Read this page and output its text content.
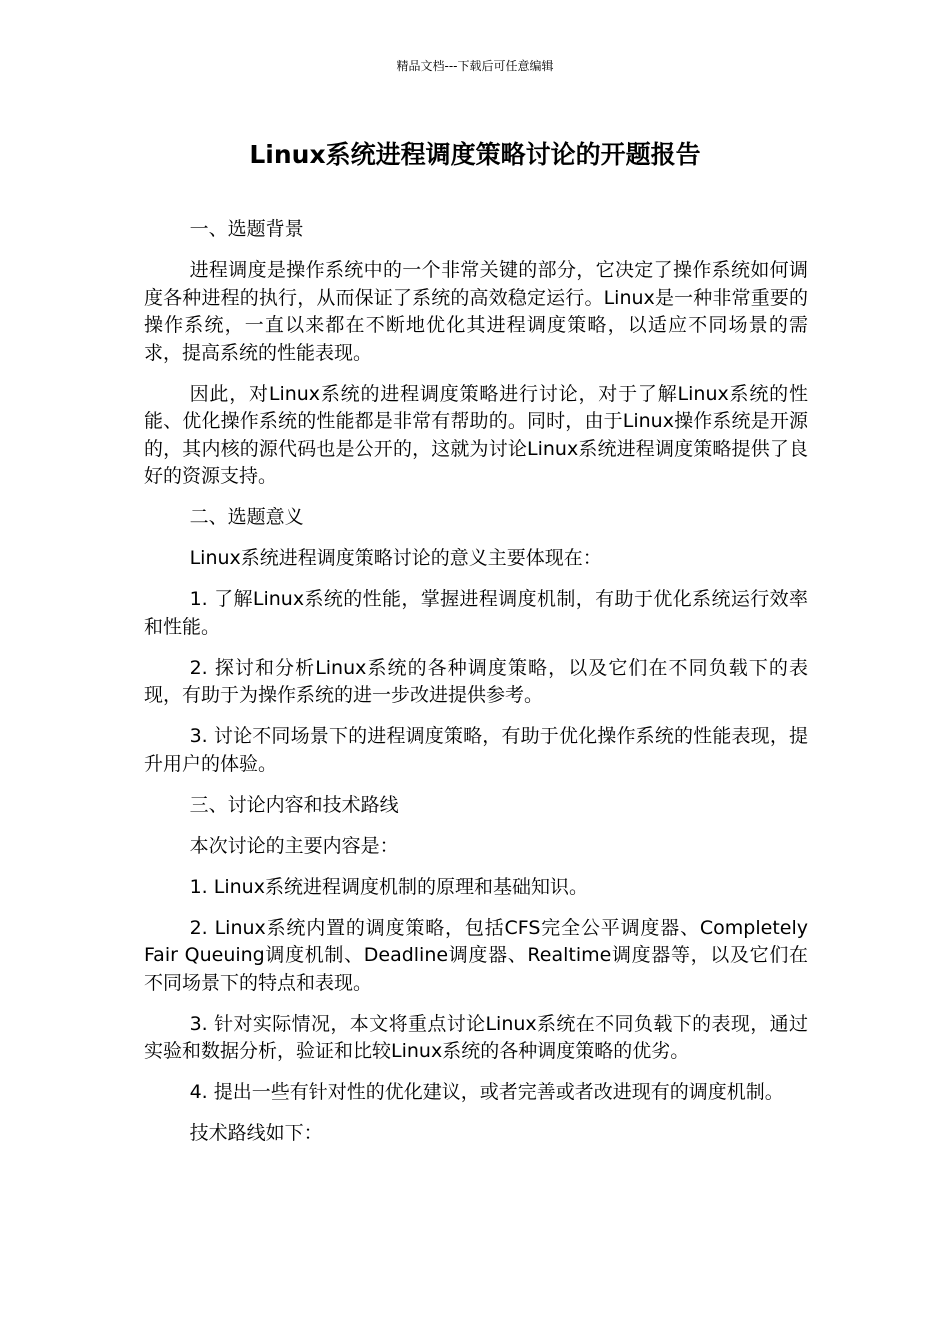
精品文档---下载后可任意编辑
Linux系统进程调度策略讨论的开题报告

一、选题背景

进程调度是操作系统中的一个非常关键的部分，它决定了操作系统如何调度各种进程的执行，从而保证了系统的高效稳定运行。Linux是一种非常重要的操作系统，一直以来都在不断地优化其进程调度策略，以适应不同场景的需求，提高系统的性能表现。

因此，对Linux系统的进程调度策略进行讨论，对于了解Linux系统的性能、优化操作系统的性能都是非常有帮助的。同时，由于Linux操作系统是开源的，其内核的源代码也是公开的，这就为讨论Linux系统进程调度策略提供了良好的资源支持。

二、选题意义

Linux系统进程调度策略讨论的意义主要体现在：

1. 了解Linux系统的性能，掌握进程调度机制，有助于优化系统运行效率和性能。

2. 探讨和分析Linux系统的各种调度策略，以及它们在不同负载下的表现，有助于为操作系统的进一步改进提供参考。

3. 讨论不同场景下的进程调度策略，有助于优化操作系统的性能表现，提升用户的体验。

三、讨论内容和技术路线

本次讨论的主要内容是：

1. Linux系统进程调度机制的原理和基础知识。

2. Linux系统内置的调度策略，包括CFS完全公平调度器、Completely Fair Queuing调度机制、Deadline调度器、Realtime调度器等，以及它们在不同场景下的特点和表现。

3. 针对实际情况，本文将重点讨论Linux系统在不同负载下的表现，通过实验和数据分析，验证和比较Linux系统的各种调度策略的优劣。

4. 提出一些有针对性的优化建议，或者完善或者改进现有的调度机制。

技术路线如下：
